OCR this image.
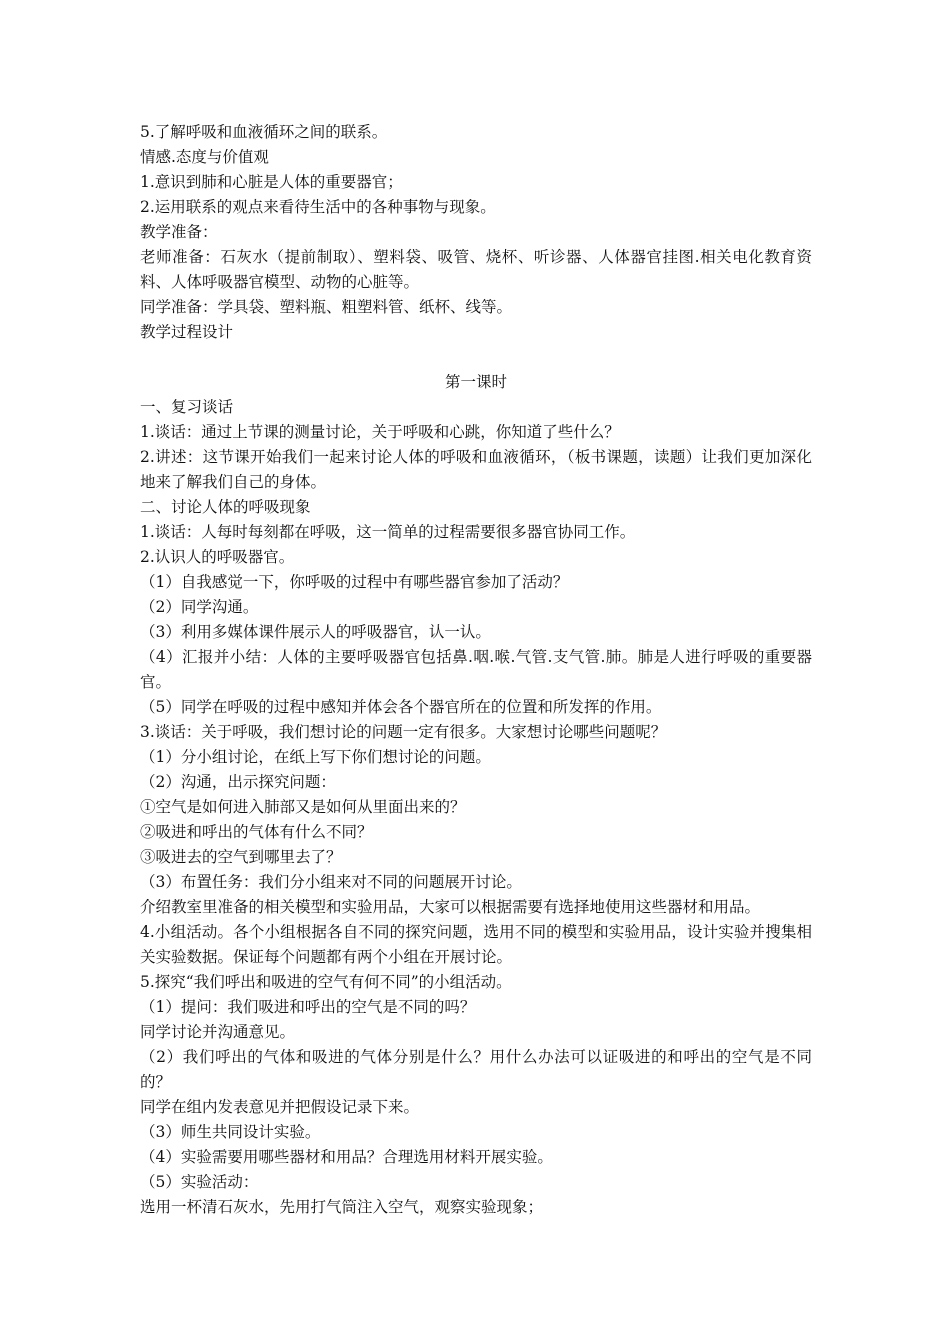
5.了解呼吸和血液循环之间的联系。
情感.态度与价值观
1.意识到肺和心脏是人体的重要器官；
2.运用联系的观点来看待生活中的各种事物与现象。
教学准备：
老师准备：石灰水（提前制取）、塑料袋、吸管、烧杯、听诊器、人体器官挂图.相关电化教育资料、人体呼吸器官模型、动物的心脏等。
同学准备：学具袋、塑料瓶、粗塑料管、纸杯、线等。
教学过程设计
第一课时
一、复习谈话
1.谈话：通过上节课的测量讨论，关于呼吸和心跳，你知道了些什么？
2.讲述：这节课开始我们一起来讨论人体的呼吸和血液循环，（板书课题，读题）让我们更加深化地来了解我们自己的身体。
二、讨论人体的呼吸现象
1.谈话：人每时每刻都在呼吸，这一简单的过程需要很多器官协同工作。
2.认识人的呼吸器官。
（1）自我感觉一下，你呼吸的过程中有哪些器官参加了活动？
（2）同学沟通。
（3）利用多媒体课件展示人的呼吸器官，认一认。
（4）汇报并小结：人体的主要呼吸器官包括鼻.咽.喉.气管.支气管.肺。肺是人进行呼吸的重要器官。
（5）同学在呼吸的过程中感知并体会各个器官所在的位置和所发挥的作用。
3.谈话：关于呼吸，我们想讨论的问题一定有很多。大家想讨论哪些问题呢？
（1）分小组讨论，在纸上写下你们想讨论的问题。
（2）沟通，出示探究问题：
①空气是如何进入肺部又是如何从里面出来的？
②吸进和呼出的气体有什么不同？
③吸进去的空气到哪里去了？
（3）布置任务：我们分小组来对不同的问题展开讨论。
介绍教室里准备的相关模型和实验用品，大家可以根据需要有选择地使用这些器材和用品。
4.小组活动。各个小组根据各自不同的探究问题，选用不同的模型和实验用品，设计实验并搜集相关实验数据。保证每个问题都有两个小组在开展讨论。
5.探究“我们呼出和吸进的空气有何不同”的小组活动。
（1）提问：我们吸进和呼出的空气是不同的吗？
同学讨论并沟通意见。
（2）我们呼出的气体和吸进的气体分别是什么？用什么办法可以证吸进的和呼出的空气是不同的？
同学在组内发表意见并把假设记录下来。
（3）师生共同设计实验。
（4）实验需要用哪些器材和用品？合理选用材料开展实验。
（5）实验活动：
选用一杯清石灰水，先用打气筒注入空气，观察实验现象；
